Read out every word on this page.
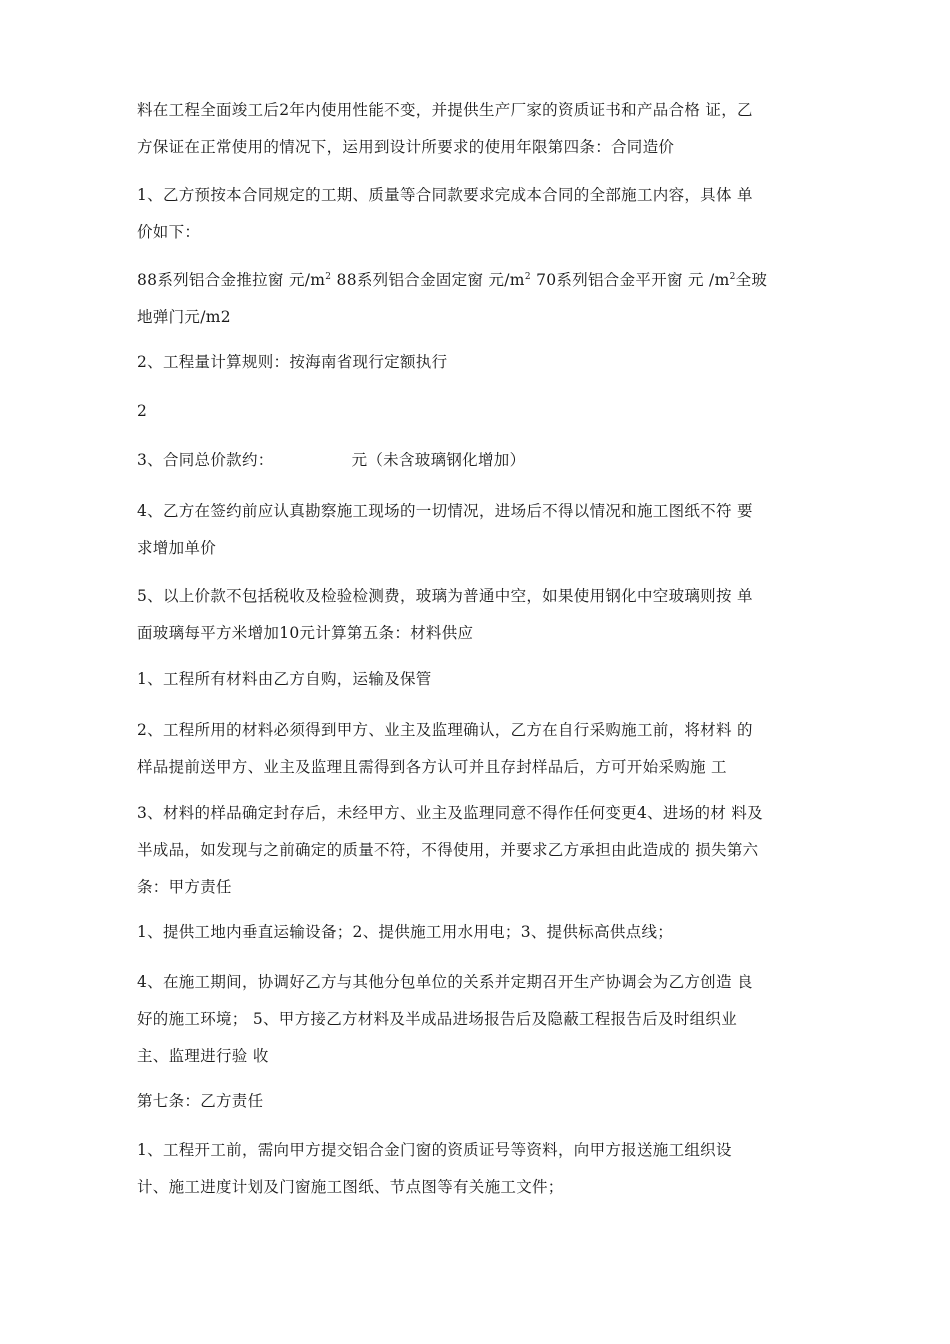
料在工程全面竣工后2年内使用性能不变，并提供生产厂家的资质证书和产品合格 证，乙
方保证在正常使用的情况下，运用到设计所要求的使用年限第四条：合同造价

1、乙方预按本合同规定的工期、质量等合同款要求完成本合同的全部施工内容，具体 单
价如下：

88系列铝合金推拉窗 元$/m^2$ 88系列铝合金固定窗 元$/m^2$ 70系列铝合金平开窗 元 $/m^2$全玻
地弹门元/m2

2、工程量计算规则：按海南省现行定额执行

2

3、合同总价款约：	元（未含玻璃钢化增加）

4、乙方在签约前应认真勘察施工现场的一切情况，进场后不得以情况和施工图纸不符 要
求增加单价

5、以上价款不包括税收及检验检测费，玻璃为普通中空，如果使用钢化中空玻璃则按 单
面玻璃每平方米增加10元计算第五条：材料供应

1、工程所有材料由乙方自购，运输及保管

2、工程所用的材料必须得到甲方、业主及监理确认，乙方在自行采购施工前，将材料 的
样品提前送甲方、业主及监理且需得到各方认可并且存封样品后，方可开始采购施 工

3、材料的样品确定封存后，未经甲方、业主及监理同意不得作任何变更4、进场的材 料及
半成品，如发现与之前确定的质量不符，不得使用，并要求乙方承担由此造成的 损失第六
条：甲方责任

1、提供工地内垂直运输设备；2、提供施工用水用电；3、提供标高供点线；

4、在施工期间，协调好乙方与其他分包单位的关系并定期召开生产协调会为乙方创造 良
好的施工环境； 5、甲方接乙方材料及半成品进场报告后及隐蔽工程报告后及时组织业
主、监理进行验 收

第七条：乙方责任

1、工程开工前，需向甲方提交铝合金门窗的资质证号等资料，向甲方报送施工组织设
计、施工进度计划及门窗施工图纸、节点图等有关施工文件；
